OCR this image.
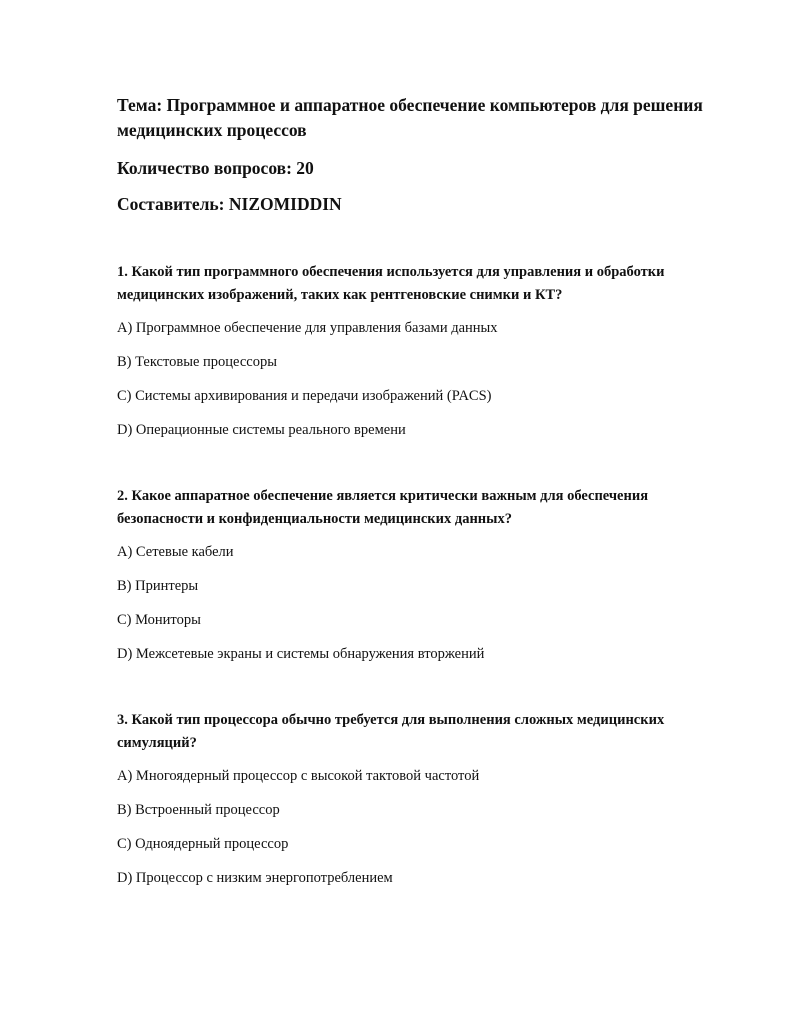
Тема: Программное и аппаратное обеспечение компьютеров для решения медицинских процессов
Количество вопросов: 20
Составитель: NIZOMIDDIN

1. Какой тип программного обеспечения используется для управления и обработки медицинских изображений, таких как рентгеновские снимки и КТ?

A) Программное обеспечение для управления базами данных

B) Текстовые процессоры

C) Системы архивирования и передачи изображений (PACS)

D) Операционные системы реального времени

2. Какое аппаратное обеспечение является критически важным для обеспечения безопасности и конфиденциальности медицинских данных?

A) Сетевые кабели

B) Принтеры

C) Мониторы

D) Межсетевые экраны и системы обнаружения вторжений

3. Какой тип процессора обычно требуется для выполнения сложных медицинских симуляций?

A) Многоядерный процессор с высокой тактовой частотой

B) Встроенный процессор

C) Одноядерный процессор

D) Процессор с низким энергопотреблением
